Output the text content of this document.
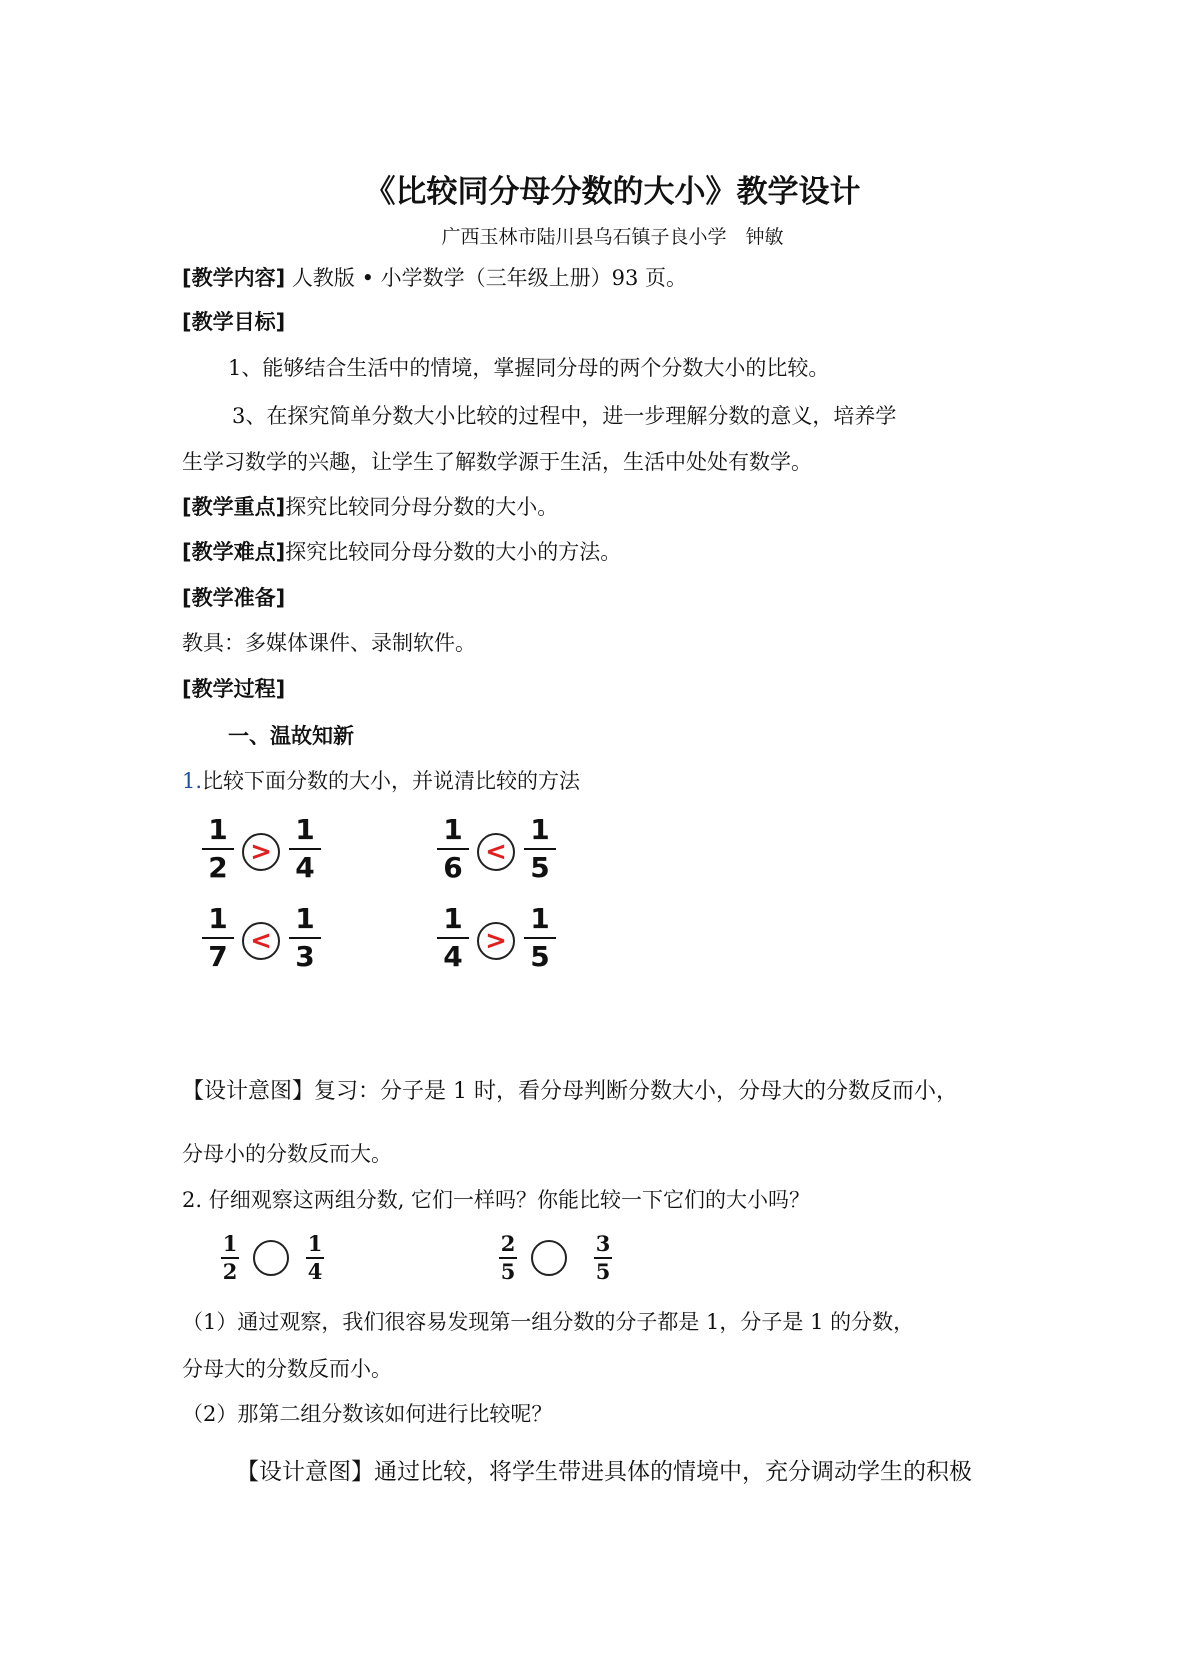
《比较同分母分数的大小》教学设计
广西玉林市陆川县乌石镇子良小学　钟敏
[教学内容] 人教版 • 小学数学（三年级上册）93 页。
[教学目标]
1、能够结合生活中的情境，掌握同分母的两个分数大小的比较。
3、在探究简单分数大小比较的过程中，进一步理解分数的意义，培养学
生学习数学的兴趣，让学生了解数学源于生活，生活中处处有数学。
[教学重点]探究比较同分母分数的大小。
[教学难点]探究比较同分母分数的大小的方法。
[教学准备]
教具：多媒体课件、录制软件。
[教学过程]
一、温故知新
1.比较下面分数的大小，并说清比较的方法
1
2 >
1
4
1
6 <
1
5
1
7 <
1
3
1
4 >
1
5
【设计意图】复习：分子是 1 时，看分母判断分数大小，分母大的分数反而小，
分母小的分数反而大。
2. 仔细观察这两组分数, 它们一样吗？你能比较一下它们的大小吗？
1
2
1
4
2
5
3
5
（1）通过观察，我们很容易发现第一组分数的分子都是 1，分子是 1 的分数，
分母大的分数反而小。
（2）那第二组分数该如何进行比较呢？
【设计意图】通过比较，将学生带进具体的情境中，充分调动学生的积极
